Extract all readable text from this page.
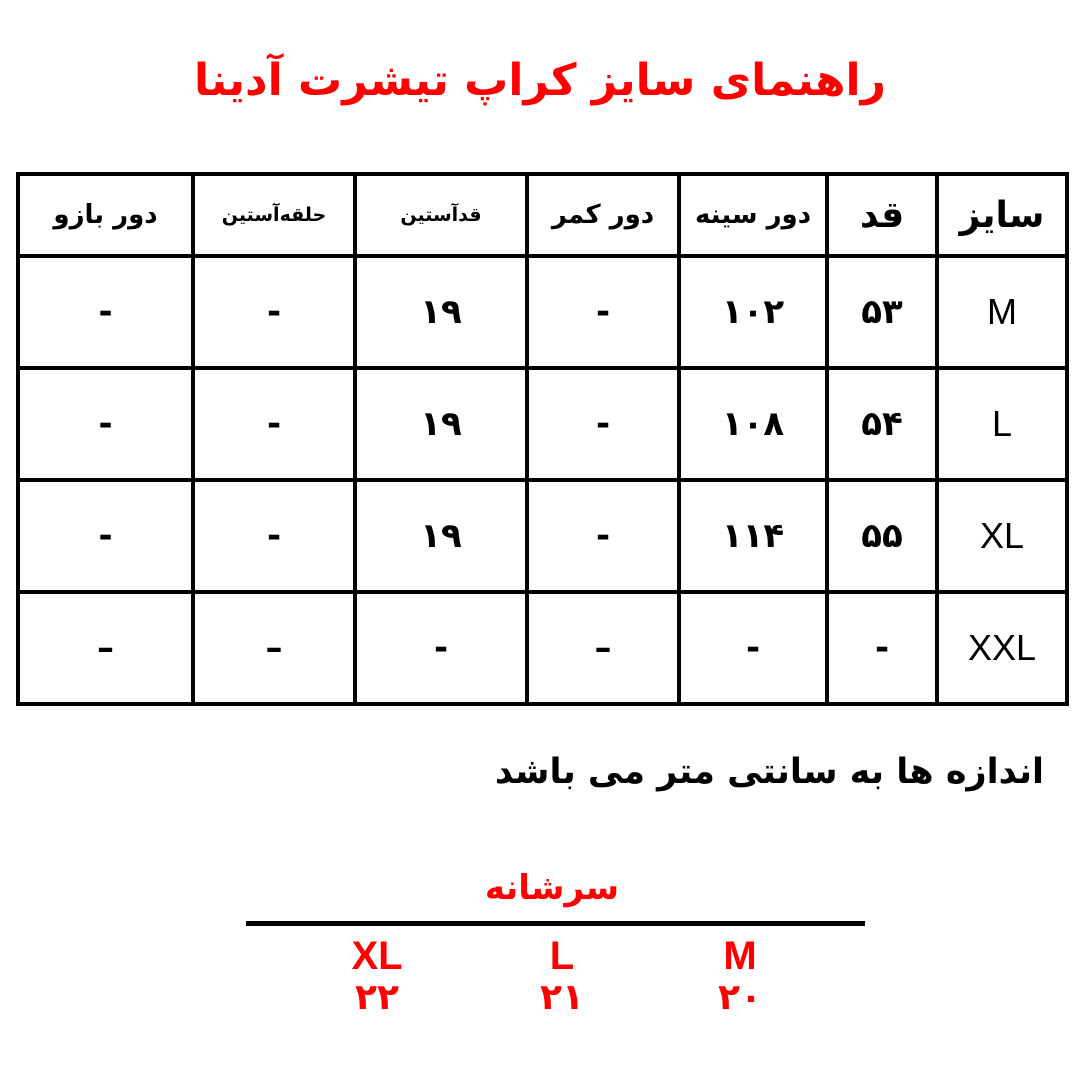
راهنمای سایز کراپ تیشرت آدینا
سایز	قد	دور سینه	دور کمر	قدآستین	حلقه‌آستین	دور بازو
M	۵۳	۱۰۲	-	۱۹	-	-
L	۵۴	۱۰۸	-	۱۹	-	-
XL	۵۵	۱۱۴	-	۱۹	-	-
XXL	-	-	–	-	–	–
اندازه ها به سانتی متر می باشد
سرشانه
XL
۲۲
L
۲۱
M
۲۰
